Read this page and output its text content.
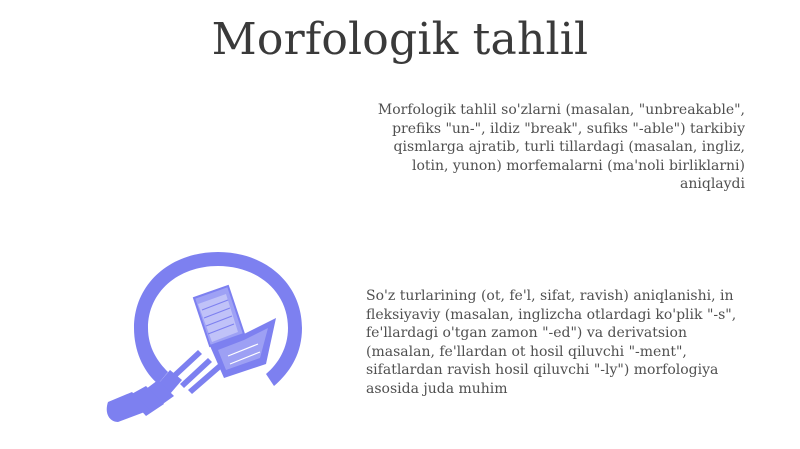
Morfologik tahlil
Morfologik tahlil so'zlarni (masalan, "unbreakable", prefiks "un-", ildiz "break", sufiks "-able") tarkibiy qismlarga ajratib, turli tillardagi (masalan, ingliz, lotin, yunon) morfemalarni (ma'noli birliklarni) aniqlaydi
So'z turlarining (ot, fe'l, sifat, ravish) aniqlanishi, in fleksiyaviy (masalan, inglizcha otlardagi ko'plik "-s", fe'llardagi o'tgan zamon "-ed") va derivatsion (masalan, fe'llardan ot hosil qiluvchi "-ment", sifatlardan ravish hosil qiluvchi "-ly") morfologiya asosida juda muhim
